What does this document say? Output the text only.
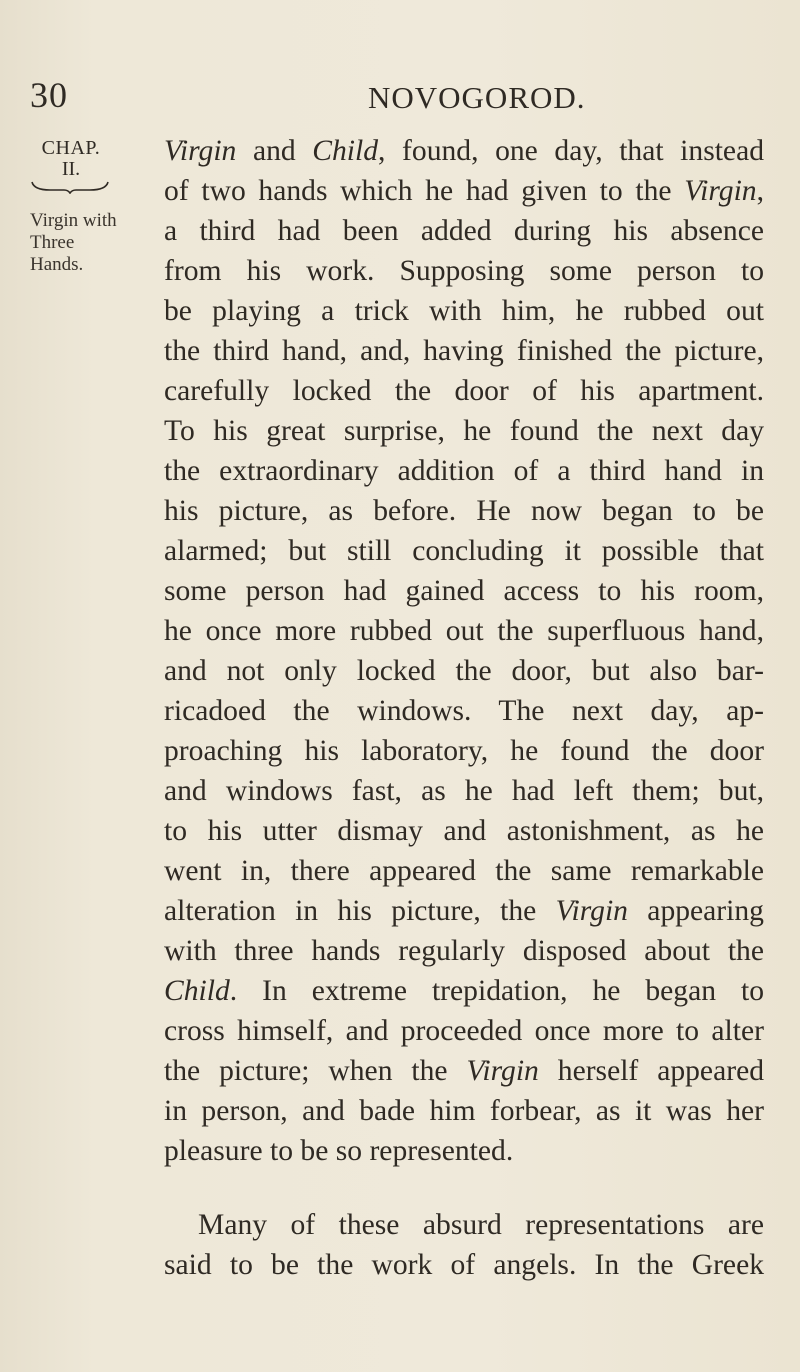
30	NOVOGOROD.
CHAP.
II.
Virgin with
Three
Hands.

Virgin and Child, found, one day, that instead
of two hands which he had given to the Virgin,
a third had been added during his absence
from his work. Supposing some person to
be playing a trick with him, he rubbed out
the third hand, and, having finished the picture,
carefully locked the door of his apartment.
To his great surprise, he found the next day
the extraordinary addition of a third hand in
his picture, as before. He now began to be
alarmed; but still concluding it possible that
some person had gained access to his room,
he once more rubbed out the superfluous hand,
and not only locked the door, but also bar-
ricadoed the windows. The next day, ap-
proaching his laboratory, he found the door
and windows fast, as he had left them; but,
to his utter dismay and astonishment, as he
went in, there appeared the same remarkable
alteration in his picture, the Virgin appearing
with three hands regularly disposed about the
Child. In extreme trepidation, he began to
cross himself, and proceeded once more to alter
the picture; when the Virgin herself appeared
in person, and bade him forbear, as it was her
pleasure to be so represented.

Many of these absurd representations are
said to be the work of angels. In the Greek
